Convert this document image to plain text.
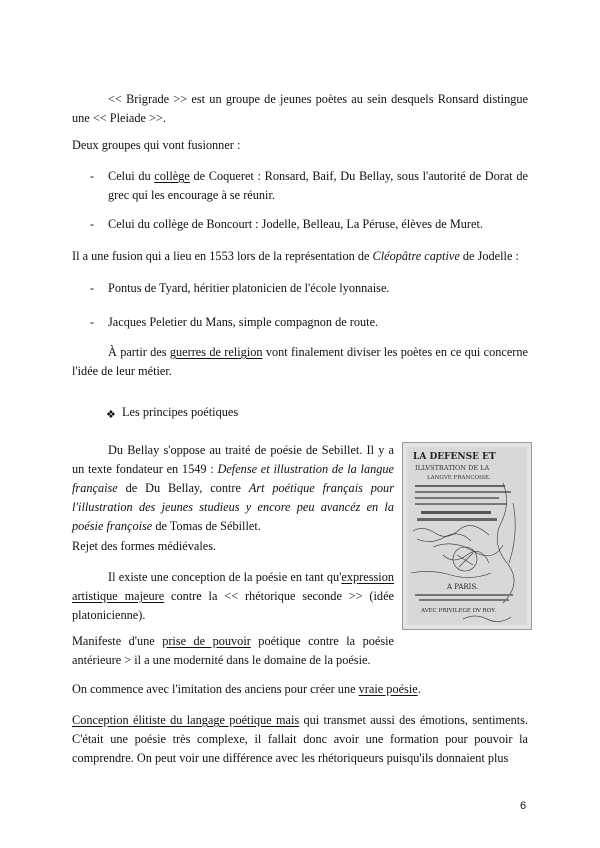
<< Brigrade >> est un groupe de jeunes poètes au sein desquels Ronsard distingue une << Pleiade >>.

Deux groupes qui vont fusionner :

-	Celui du collège de Coqueret : Ronsard, Baif, Du Bellay, sous l'autorité de Dorat de grec qui les encourage à se réunir.

-	Celui du collège de Boncourt : Jodelle, Belleau, La Péruse, élèves de Muret.

Il a une fusion qui a lieu en 1553 lors de la représentation de Cléopâtre captive de Jodelle :

-	Pontus de Tyard, héritier platonicien de l'école lyonnaise.

-	Jacques Peletier du Mans, simple compagnon de route.

À partir des guerres de religion vont finalement diviser les poètes en ce qui concerne l'idée de leur métier.

❖ Les principes poétiques

Du Bellay s'oppose au traité de poésie de Sebillet. Il y a un texte fondateur en 1549 : Defense et illustration de la langue française de Du Bellay, contre Art poétique français pour l'illustration des jeunes studieus y encore peu avancéz en la poésie françoise de Tomas de Sébillet.

Rejet des formes médiévales.

Il existe une conception de la poésie en tant qu'expression artistique majeure contre la << rhétorique seconde >> (idée platonicienne).

Manifeste d'une prise de pouvoir poétique contre la poésie antérieure > il a une modernité dans le domaine de la poésie.

LA DEFENSE ET
ILLVSTRATION DE LA
LANGVE FRANCOISE.
A PARIS.
AVEC PRIVILEGE DV ROY.

On commence avec l'imitation des anciens pour créer une vraie poésie.

Conception élitiste du langage poétique mais qui transmet aussi des émotions, sentiments. C'était une poésie très complexe, il fallait donc avoir une formation pour pouvoir la comprendre. On peut voir une différence avec les rhétoriqueurs puisqu'ils donnaient plus

6
